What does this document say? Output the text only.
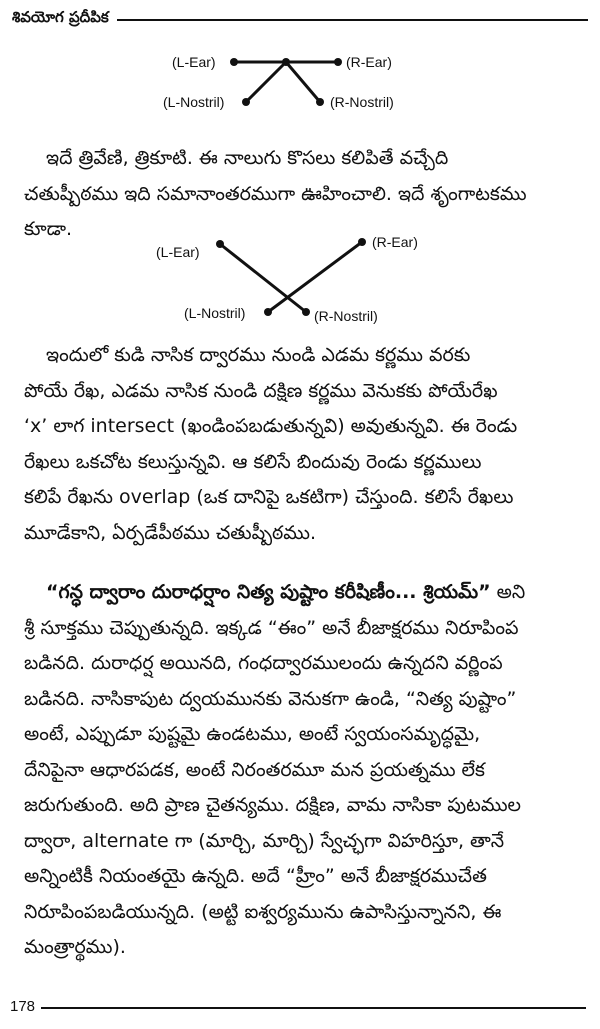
శివయోగ ప్రదీపిక
(L-Ear)	(R-Ear)
(L-Nostril)	(R-Nostril)
ఇదే త్రివేణి, త్రికూటి. ఈ నాలుగు కొసలు కలిపితే వచ్చేది
చతుష్పీఠము ఇది సమానాంతరముగా ఊహించాలి. ఇదే శృంగాటకము
కూడా.
(L-Ear)
(R-Ear)
(L-Nostril)	(R-Nostril)
ఇందులో కుడి నాసిక ద్వారము నుండి ఎడమ కర్ణము వరకు
పోయే రేఖ, ఎడమ నాసిక నుండి దక్షిణ కర్ణము వెనుకకు పోయేరేఖ
‘x’ లాగ intersect (ఖండింపబడుతున్నవి) అవుతున్నవి. ఈ రెండు
రేఖలు ఒకచోట కలుస్తున్నవి. ఆ కలిసే బిందువు రెండు కర్ణములు
కలిపే రేఖను overlap (ఒక దానిపై ఒకటిగా) చేస్తుంది. కలిసే రేఖలు
మూడేకాని, ఏర్పడేపీఠము చతుష్పీఠము.
“గన్ధ ద్వారాం దురాధర్షాం నిత్య పుష్టాం కరీషిణీం... శ్రియమ్” అని
శ్రీ సూక్తము చెప్పుతున్నది. ఇక్కడ “ఈం” అనే బీజాక్షరము నిరూపింప
బడినది. దురాధర్ష అయినది, గంధద్వారములందు ఉన్నదని వర్ణింప
బడినది. నాసికాపుట ద్వయమునకు వెనుకగా ఉండి, “నిత్య పుష్టాం”
అంటే, ఎప్పుడూ పుష్టమై ఉండటము, అంటే స్వయంసమృద్ధమై,
దేనిపైనా ఆధారపడక, అంటే నిరంతరమూ మన ప్రయత్నము లేక
జరుగుతుంది. అది ప్రాణ చైతన్యము. దక్షిణ, వామ నాసికా పుటముల
ద్వారా, alternate గా (మార్చి, మార్చి) స్వేచ్ఛగా విహరిస్తూ, తానే
అన్నింటికీ నియంతయై ఉన్నది. అదే “హ్రీం” అనే బీజాక్షరముచేత
నిరూపింపబడియున్నది. (అట్టి ఐశ్వర్యమును ఉపాసిస్తున్నానని, ఈ
మంత్రార్థము).
178
